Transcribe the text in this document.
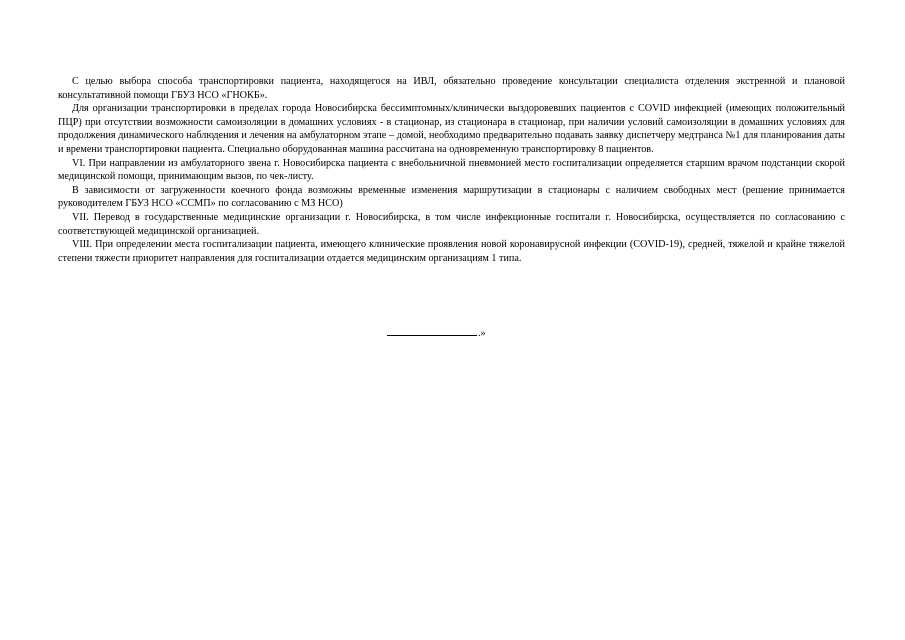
С целью выбора способа транспортировки пациента, находящегося на ИВЛ, обязательно проведение консультации специалиста отделения экстренной и плановой консультативной помощи ГБУЗ НСО «ГНОКБ».

Для организации транспортировки в пределах города Новосибирска бессимптомных/клинически выздоровевших пациентов с COVID инфекцией (имеющих положительный ПЦР) при отсутствии возможности самоизоляции в домашних условиях - в стационар, из стационара в стационар, при наличии условий самоизоляции в домашних условиях для продолжения динамического наблюдения и лечения на амбулаторном этапе – домой, необходимо предварительно подавать заявку диспетчеру медтранса №1 для планирования даты и времени транспортировки пациента. Специально оборудованная машина рассчитана на одновременную транспортировку 8 пациентов.

VI. При направлении из амбулаторного звена г. Новосибирска пациента с внебольничной пневмонией место госпитализации определяется старшим врачом подстанции скорой медицинской помощи, принимающим вызов, по чек-листу.

В зависимости от загруженности коечного фонда возможны временные изменения маршрутизации в стационары с наличием свободных мест (решение принимается руководителем ГБУЗ НСО «ССМП» по согласованию с МЗ НСО)

VII. Перевод в государственные медицинские организации г. Новосибирска, в том числе инфекционные госпитали г. Новосибирска, осуществляется по согласованию с соответствующей медицинской организацией.

VIII. При определении места госпитализации пациента, имеющего клинические проявления новой коронавирусной инфекции (COVID-19), средней, тяжелой и крайне тяжелой степени тяжести приоритет направления для госпитализации отдается медицинским организациям 1 типа.

.»
